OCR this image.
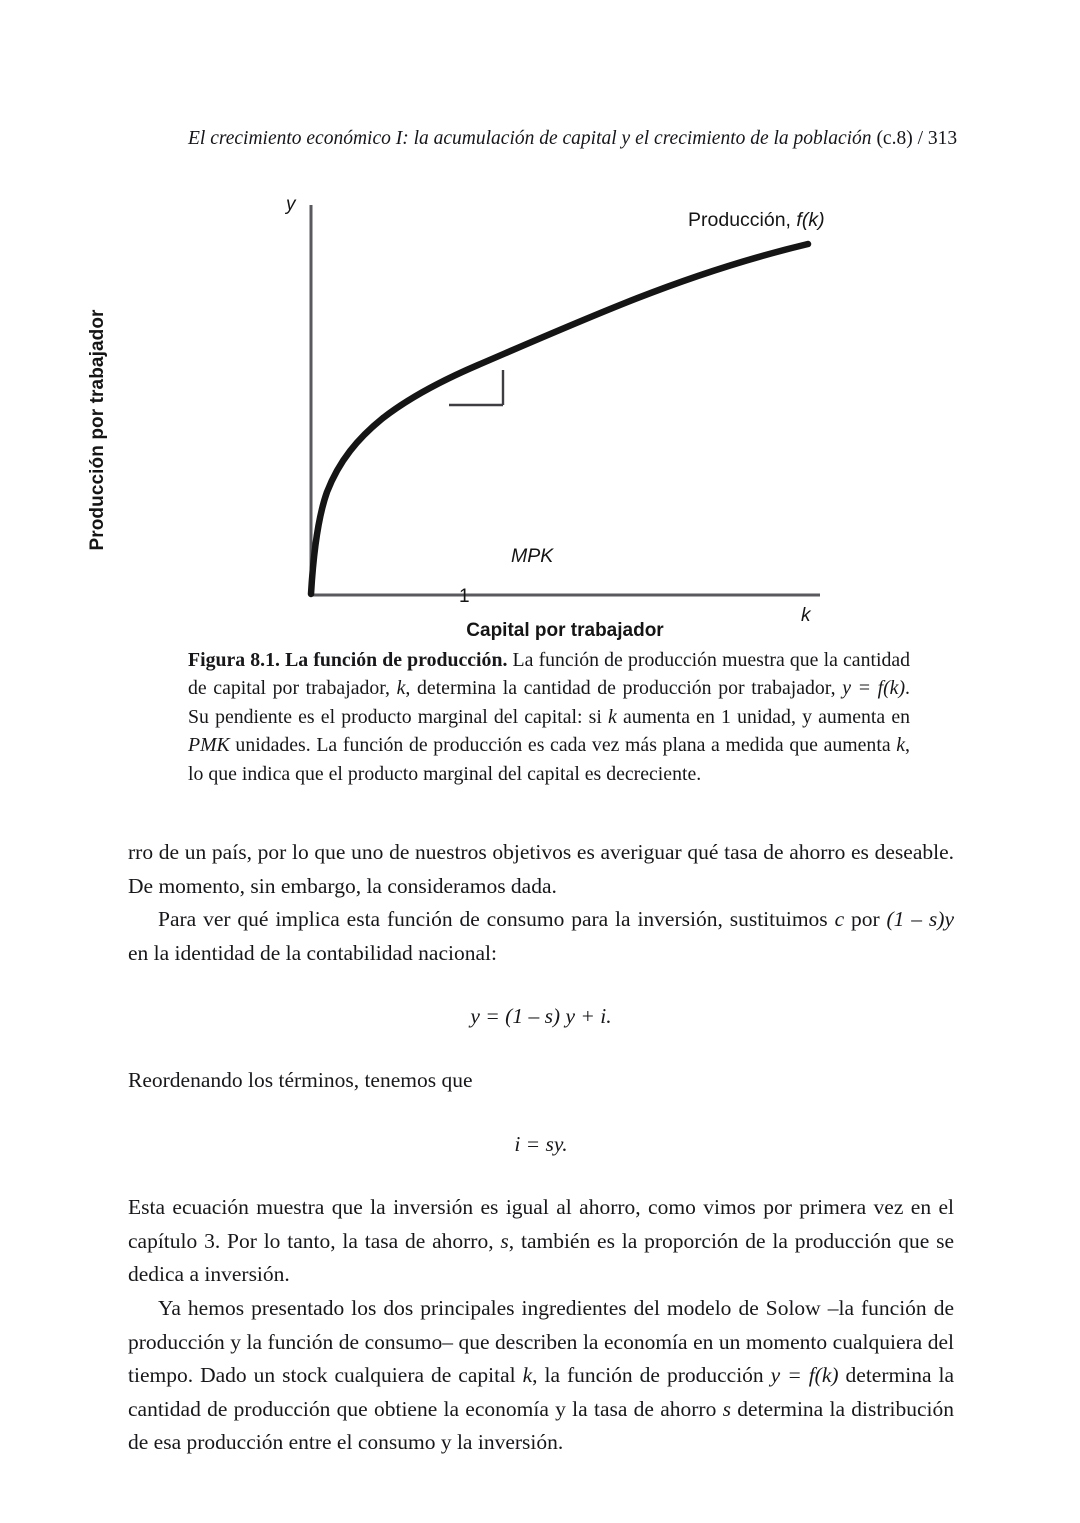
El crecimiento económico I: la acumulación de capital y el crecimiento de la población (c.8) / 313
y
k
Producción por trabajador
Capital por trabajador
Producción, f(k)
MPK
1
Figura 8.1. La función de producción. La función de producción muestra que la cantidad de capital por trabajador, k, determina la cantidad de producción por trabajador, y = f(k). Su pendiente es el producto marginal del capital: si k aumenta en 1 unidad, y aumenta en PMK unidades. La función de producción es cada vez más plana a medida que aumenta k, lo que indica que el producto marginal del capital es decreciente.

rro de un país, por lo que uno de nuestros objetivos es averiguar qué tasa de ahorro es deseable. De momento, sin embargo, la consideramos dada.

Para ver qué implica esta función de consumo para la inversión, sustituimos c por (1 – s)y en la identidad de la contabilidad nacional:

y = (1 – s) y + i.

Reordenando los términos, tenemos que

i = sy.

Esta ecuación muestra que la inversión es igual al ahorro, como vimos por primera vez en el capítulo 3. Por lo tanto, la tasa de ahorro, s, también es la proporción de la producción que se dedica a inversión.

Ya hemos presentado los dos principales ingredientes del modelo de Solow –la función de producción y la función de consumo– que describen la economía en un momento cualquiera del tiempo. Dado un stock cualquiera de capital k, la función de producción y = f(k) determina la cantidad de producción que obtiene la economía y la tasa de ahorro s determina la distribución de esa producción entre el consumo y la inversión.
